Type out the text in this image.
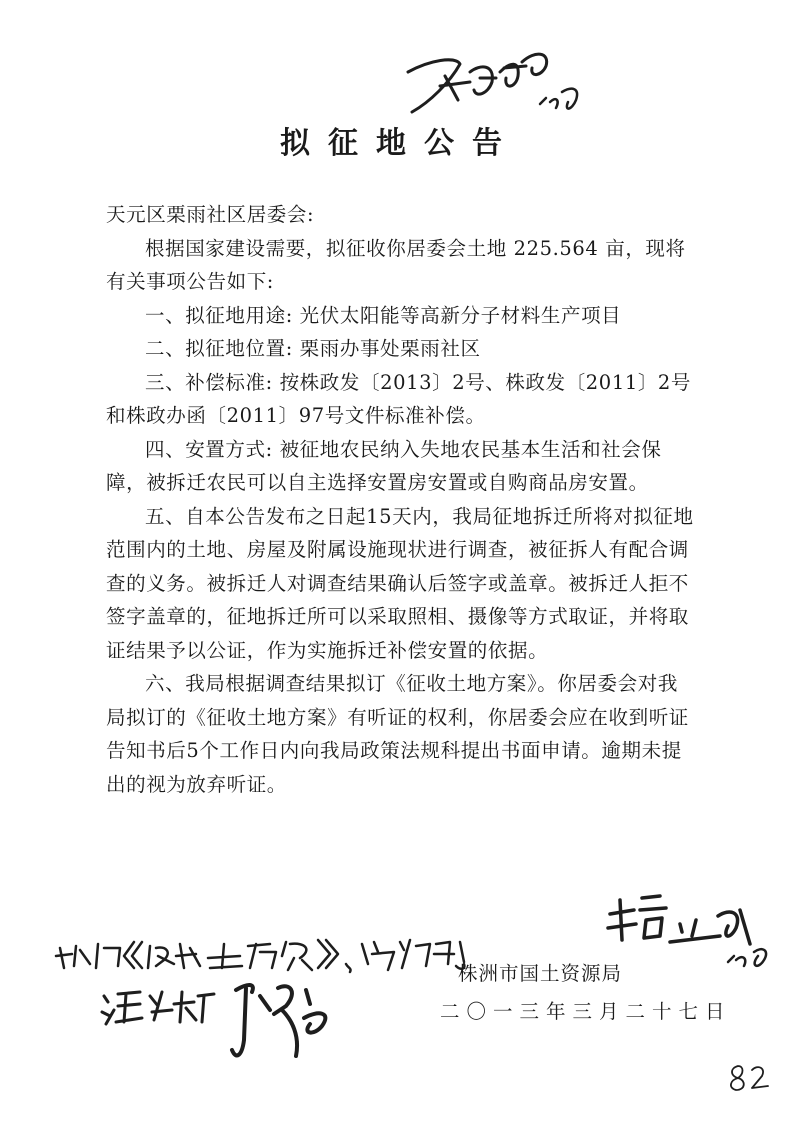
拟征地公告

天元区栗雨社区居委会:

根据国家建设需要，拟征收你居委会土地 225.564 亩，现将有关事项公告如下:

一、拟征地用途: 光伏太阳能等高新分子材料生产项目

二、拟征地位置: 栗雨办事处栗雨社区

三、补偿标准: 按株政发〔2013〕2号、株政发〔2011〕2号和株政办函〔2011〕97号文件标准补偿。

四、安置方式: 被征地农民纳入失地农民基本生活和社会保障，被拆迁农民可以自主选择安置房安置或自购商品房安置。

五、自本公告发布之日起15天内，我局征地拆迁所将对拟征地范围内的土地、房屋及附属设施现状进行调查，被征拆人有配合调查的义务。被拆迁人对调查结果确认后签字或盖章。被拆迁人拒不签字盖章的，征地拆迁所可以采取照相、摄像等方式取证，并将取证结果予以公证，作为实施拆迁补偿安置的依据。

六、我局根据调查结果拟订《征收土地方案》。你居委会对我局拟订的《征收土地方案》有听证的权利，你居委会应在收到听证告知书后5个工作日内向我局政策法规科提出书面申请。逾期未提出的视为放弃听证。

株洲市国土资源局
二〇一三年三月二十七日
